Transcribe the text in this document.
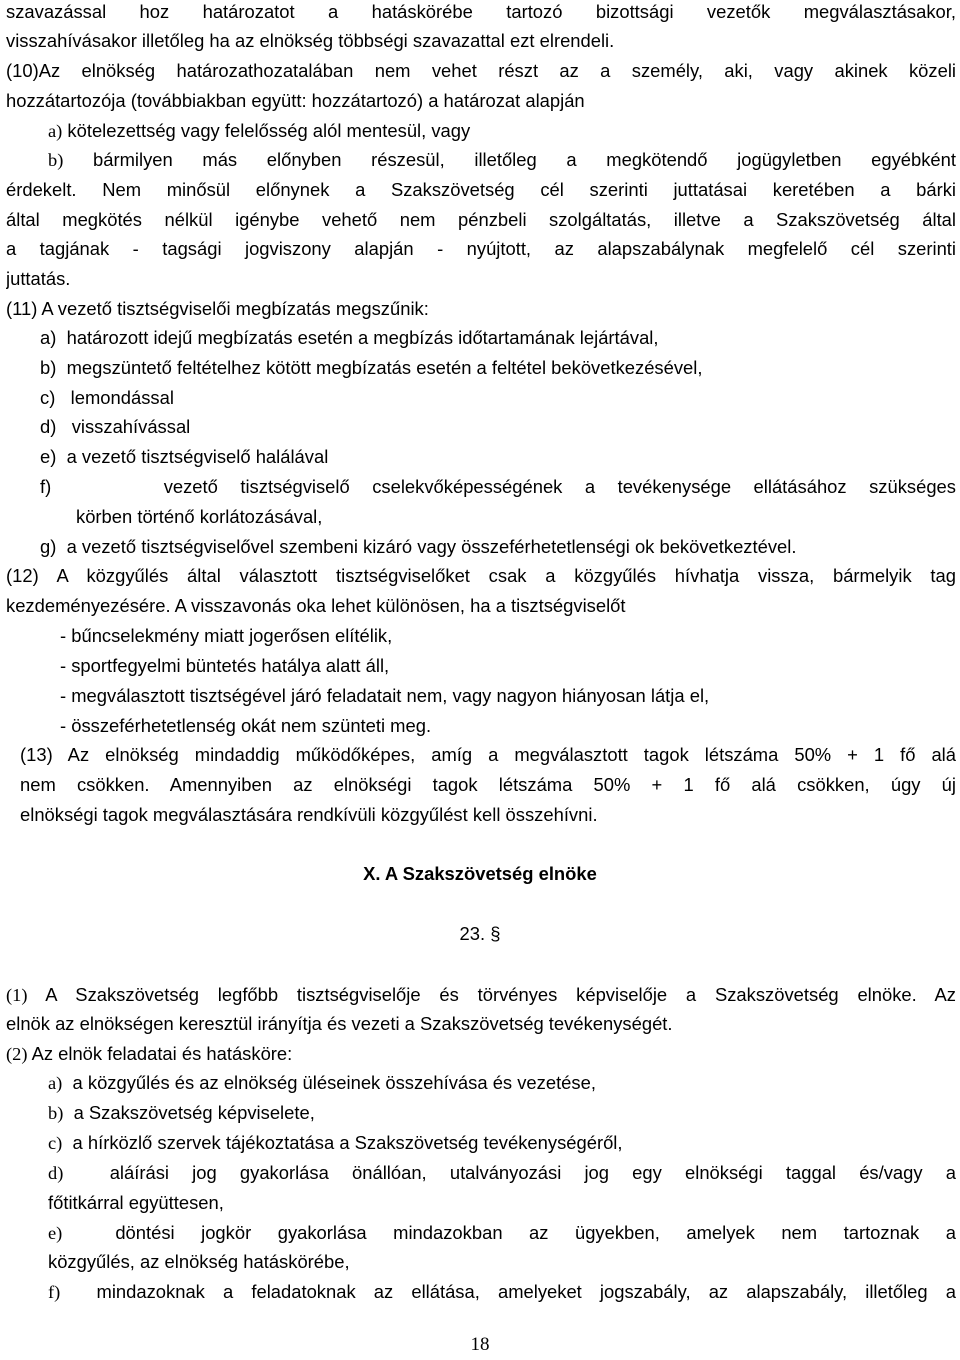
szavazással hoz határozatot a hatáskörébe tartozó bizottsági vezetők megválasztásakor,
visszahívásakor illetőleg ha az elnökség többségi szavazattal ezt elrendeli.
(10)Az elnökség határozathozatalában nem vehet részt az a személy, aki, vagy akinek közeli
hozzátartozója (továbbiakban együtt: hozzátartozó) a határozat alapján
a) kötelezettség vagy felelősség alól mentesül, vagy
b) bármilyen más előnyben részesül, illetőleg a megkötendő jogügyletben egyébként
érdekelt. Nem minősül előnynek a Szakszövetség cél szerinti juttatásai keretében a bárki
által megkötés nélkül igénybe vehető nem pénzbeli szolgáltatás, illetve a Szakszövetség által
a tagjának - tagsági jogviszony alapján - nyújtott, az alapszabálynak megfelelő cél szerinti
juttatás.
(11) A vezető tisztségviselői megbízatás megszűnik:
a) határozott idejű megbízatás esetén a megbízás időtartamának lejártával,
b) megszüntető feltételhez kötött megbízatás esetén a feltétel bekövetkezésével,
c) lemondással
d) visszahívással
e) a vezető tisztségviselő halálával
f)	vezető tisztségviselő cselekvőképességének a tevékenysége ellátásához szükséges
körben történő korlátozásával,
g) a vezető tisztségviselővel szembeni kizáró vagy összeférhetetlenségi ok bekövetkeztével.
(12) A közgyűlés által választott tisztségviselőket csak a közgyűlés hívhatja vissza, bármelyik tag
kezdeményezésére. A visszavonás oka lehet különösen, ha a tisztségviselőt
- bűncselekmény miatt jogerősen elítélik,
- sportfegyelmi büntetés hatálya alatt áll,
- megválasztott tisztségével járó feladatait nem, vagy nagyon hiányosan látja el,
- összeférhetetlenség okát nem szünteti meg.
(13) Az elnökség mindaddig működőképes, amíg a megválasztott tagok létszáma 50% + 1 fő alá
nem csökken. Amennyiben az elnökségi tagok létszáma 50% + 1 fő alá csökken, úgy új
elnökségi tagok megválasztására rendkívüli közgyűlést kell összehívni.
X. A Szakszövetség elnöke
23. §
(1) A Szakszövetség legfőbb tisztségviselője és törvényes képviselője a Szakszövetség elnöke. Az
elnök az elnökségen keresztül irányítja és vezeti a Szakszövetség tevékenységét.
(2) Az elnök feladatai és hatásköre:
a) a közgyűlés és az elnökség üléseinek összehívása és vezetése,
b) a Szakszövetség képviselete,
c) a hírközlő szervek tájékoztatása a Szakszövetség tevékenységéről,
d)	aláírási jog gyakorlása önállóan, utalványozási jog egy elnökségi taggal és/vagy a
főtitkárral együttesen,
e)	döntési jogkör gyakorlása mindazokban az ügyekben, amelyek nem tartoznak a
közgyűlés, az elnökség hatáskörébe,
f) mindazoknak a feladatoknak az ellátása, amelyeket jogszabály, az alapszabály, illetőleg a
18
